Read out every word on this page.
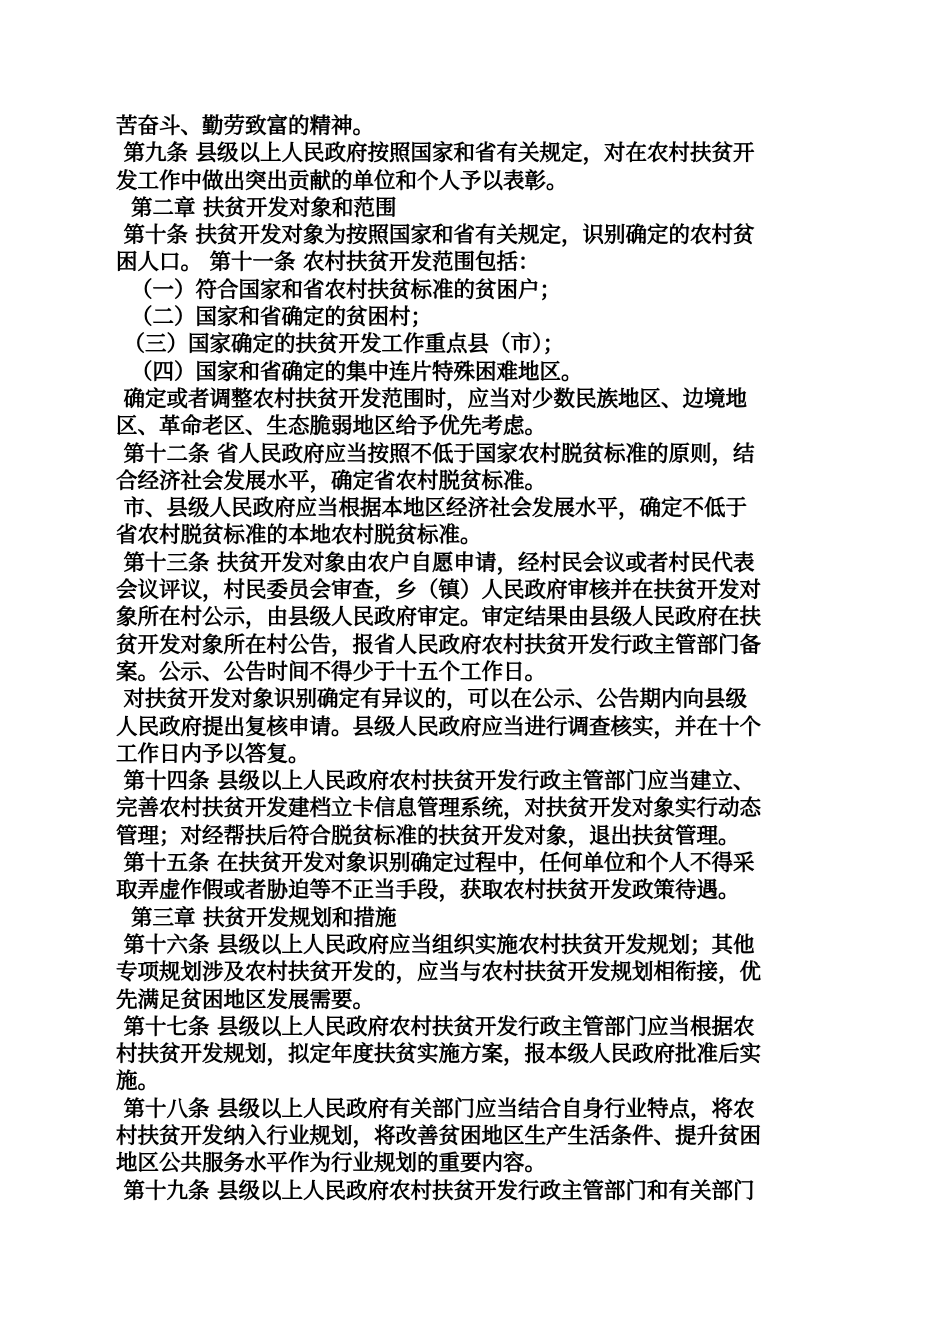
苦奋斗、勤劳致富的精神。
第九条 县级以上人民政府按照国家和省有关规定，对在农村扶贫开
发工作中做出突出贡献的单位和个人予以表彰。
第二章 扶贫开发对象和范围
第十条 扶贫开发对象为按照国家和省有关规定，识别确定的农村贫
困人口。 第十一条 农村扶贫开发范围包括：
（一）符合国家和省农村扶贫标准的贫困户；
（二）国家和省确定的贫困村；
（三）国家确定的扶贫开发工作重点县（市）；
（四）国家和省确定的集中连片特殊困难地区。
确定或者调整农村扶贫开发范围时，应当对少数民族地区、边境地
区、革命老区、生态脆弱地区给予优先考虑。
第十二条 省人民政府应当按照不低于国家农村脱贫标准的原则，结
合经济社会发展水平，确定省农村脱贫标准。
市、县级人民政府应当根据本地区经济社会发展水平，确定不低于
省农村脱贫标准的本地农村脱贫标准。
第十三条 扶贫开发对象由农户自愿申请，经村民会议或者村民代表
会议评议，村民委员会审查，乡（镇）人民政府审核并在扶贫开发对
象所在村公示，由县级人民政府审定。审定结果由县级人民政府在扶
贫开发对象所在村公告，报省人民政府农村扶贫开发行政主管部门备
案。公示、公告时间不得少于十五个工作日。
对扶贫开发对象识别确定有异议的，可以在公示、公告期内向县级
人民政府提出复核申请。县级人民政府应当进行调查核实，并在十个
工作日内予以答复。
第十四条 县级以上人民政府农村扶贫开发行政主管部门应当建立、
完善农村扶贫开发建档立卡信息管理系统，对扶贫开发对象实行动态
管理；对经帮扶后符合脱贫标准的扶贫开发对象，退出扶贫管理。
第十五条 在扶贫开发对象识别确定过程中，任何单位和个人不得采
取弄虚作假或者胁迫等不正当手段，获取农村扶贫开发政策待遇。
第三章 扶贫开发规划和措施
第十六条 县级以上人民政府应当组织实施农村扶贫开发规划；其他
专项规划涉及农村扶贫开发的，应当与农村扶贫开发规划相衔接，优
先满足贫困地区发展需要。
第十七条 县级以上人民政府农村扶贫开发行政主管部门应当根据农
村扶贫开发规划，拟定年度扶贫实施方案，报本级人民政府批准后实
施。
第十八条 县级以上人民政府有关部门应当结合自身行业特点，将农
村扶贫开发纳入行业规划，将改善贫困地区生产生活条件、提升贫困
地区公共服务水平作为行业规划的重要内容。
第十九条 县级以上人民政府农村扶贫开发行政主管部门和有关部门
